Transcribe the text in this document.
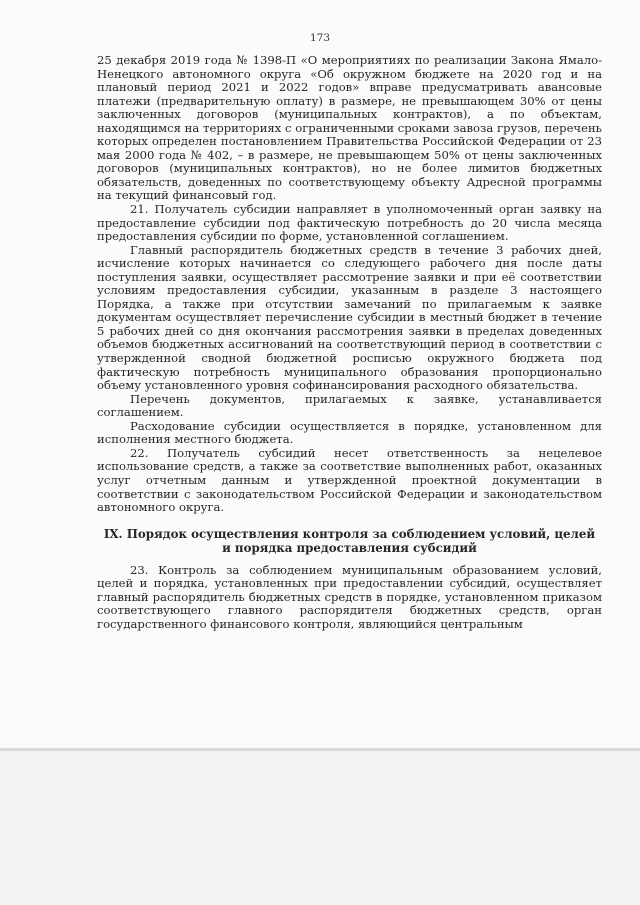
173

25 декабря 2019 года № 1398-П «О мероприятиях по реализации Закона Ямало-Ненецкого автономного округа «Об окружном бюджете на 2020 год и на плановый период 2021 и 2022 годов» вправе предусматривать авансовые платежи (предварительную оплату) в размере, не превышающем 30% от цены заключенных договоров (муниципальных контрактов), а по объектам, находящимся на территориях с ограниченными сроками завоза грузов, перечень которых определен постановлением Правительства Российской Федерации от 23 мая 2000 года № 402, – в размере, не превышающем 50% от цены заключенных договоров (муниципальных контрактов), но не более лимитов бюджетных обязательств, доведенных по соответствующему объекту Адресной программы на текущий финансовый год.

21. Получатель субсидии направляет в уполномоченный орган заявку на предоставление субсидии под фактическую потребность до 20 числа месяца предоставления субсидии по форме, установленной соглашением.

Главный распорядитель бюджетных средств в течение 3 рабочих дней, исчисление которых начинается со следующего рабочего дня после даты поступления заявки, осуществляет рассмотрение заявки и при её соответствии условиям предоставления субсидии, указанным в разделе 3 настоящего Порядка, а также при отсутствии замечаний по прилагаемым к заявке документам осуществляет перечисление субсидии в местный бюджет в течение 5 рабочих дней со дня окончания рассмотрения заявки в пределах доведенных объемов бюджетных ассигнований на соответствующий период в соответствии с утвержденной сводной бюджетной росписью окружного бюджета под фактическую потребность муниципального образования пропорционально объему установленного уровня софинансирования расходного обязательства.

Перечень документов, прилагаемых к заявке, устанавливается соглашением.

Расходование субсидии осуществляется в порядке, установленном для исполнения местного бюджета.

22. Получатель субсидий несет ответственность за нецелевое использование средств, а также за соответствие выполненных работ, оказанных услуг отчетным данным и утвержденной проектной документации в соответствии с законодательством Российской Федерации и законодательством автономного округа.

IX. Порядок осуществления контроля за соблюдением условий, целей и порядка предоставления субсидий

23. Контроль за соблюдением муниципальным образованием условий, целей и порядка, установленных при предоставлении субсидий, осуществляет главный распорядитель бюджетных средств в порядке, установленном приказом соответствующего главного распорядителя бюджетных средств, орган государственного финансового контроля, являющийся центральным
